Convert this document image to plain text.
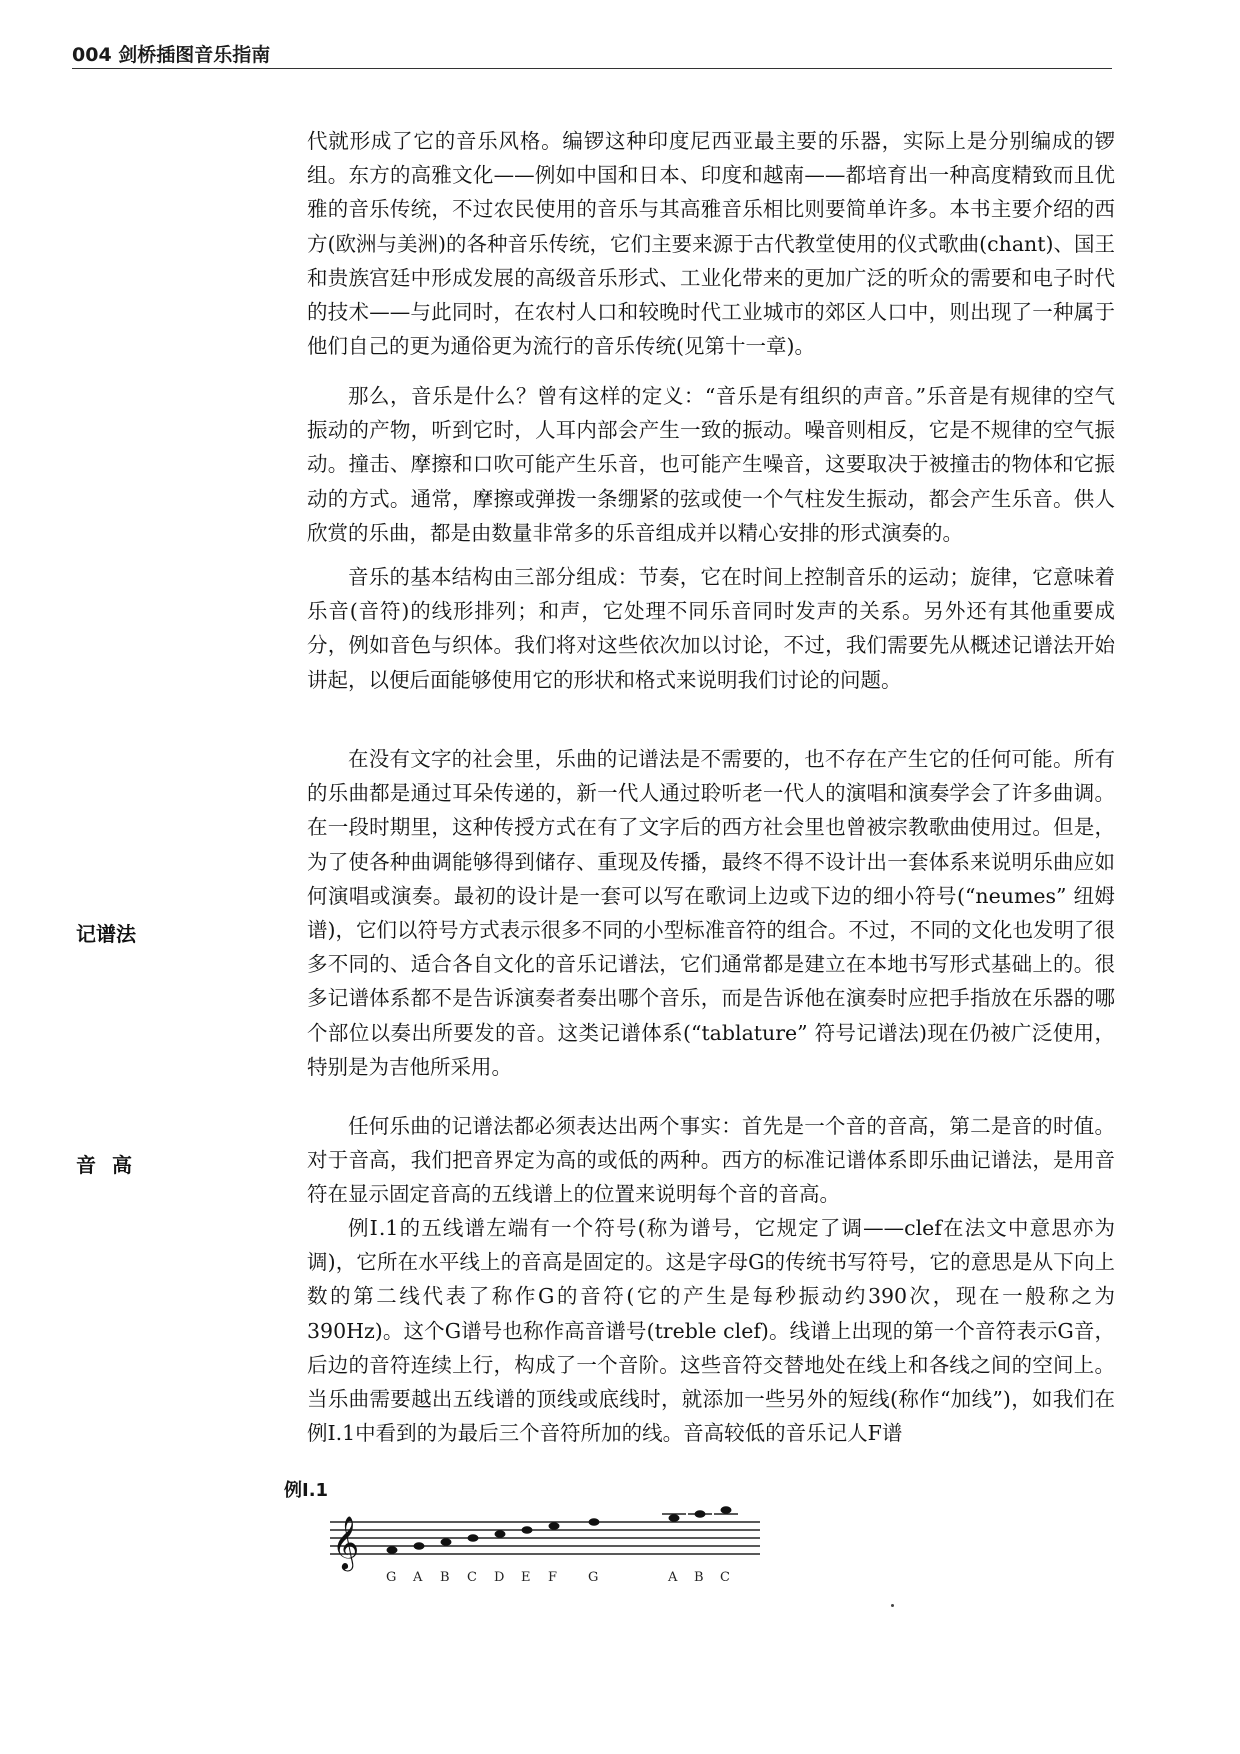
004 剑桥插图音乐指南

代就形成了它的音乐风格。编锣这种印度尼西亚最主要的乐器，实际上是分别编成的锣组。东方的高雅文化——例如中国和日本、印度和越南——都培育出一种高度精致而且优雅的音乐传统，不过农民使用的音乐与其高雅音乐相比则要简单许多。本书主要介绍的西方(欧洲与美洲)的各种音乐传统，它们主要来源于古代教堂使用的仪式歌曲(chant)、国王和贵族宫廷中形成发展的高级音乐形式、工业化带来的更加广泛的听众的需要和电子时代的技术——与此同时，在农村人口和较晚时代工业城市的郊区人口中，则出现了一种属于他们自己的更为通俗更为流行的音乐传统(见第十一章)。

那么，音乐是什么？曾有这样的定义：“音乐是有组织的声音。”乐音是有规律的空气振动的产物，听到它时，人耳内部会产生一致的振动。噪音则相反，它是不规律的空气振动。撞击、摩擦和口吹可能产生乐音，也可能产生噪音，这要取决于被撞击的物体和它振动的方式。通常，摩擦或弹拨一条绷紧的弦或使一个气柱发生振动，都会产生乐音。供人欣赏的乐曲，都是由数量非常多的乐音组成并以精心安排的形式演奏的。

音乐的基本结构由三部分组成：节奏，它在时间上控制音乐的运动；旋律，它意味着乐音(音符)的线形排列；和声，它处理不同乐音同时发声的关系。另外还有其他重要成分，例如音色与织体。我们将对这些依次加以讨论，不过，我们需要先从概述记谱法开始讲起，以便后面能够使用它的形状和格式来说明我们讨论的问题。

在没有文字的社会里，乐曲的记谱法是不需要的，也不存在产生它的任何可能。所有的乐曲都是通过耳朵传递的，新一代人通过聆听老一代人的演唱和演奏学会了许多曲调。在一段时期里，这种传授方式在有了文字后的西方社会里也曾被宗教歌曲使用过。但是，为了使各种曲调能够得到储存、重现及传播，最终不得不设计出一套体系来说明乐曲应如何演唱或演奏。最初的设计是一套可以写在歌词上边或下边的细小符号(“neumes” 纽姆谱)，它们以符号方式表示很多不同的小型标准音符的组合。不过，不同的文化也发明了很多不同的、适合各自文化的音乐记谱法，它们通常都是建立在本地书写形式基础上的。很多记谱体系都不是告诉演奏者奏出哪个音乐，而是告诉他在演奏时应把手指放在乐器的哪个部位以奏出所要发的音。这类记谱体系(“tablature” 符号记谱法)现在仍被广泛使用，特别是为吉他所采用。

任何乐曲的记谱法都必须表达出两个事实：首先是一个音的音高，第二是音的时值。对于音高，我们把音界定为高的或低的两种。西方的标准记谱体系即乐曲记谱法，是用音符在显示固定音高的五线谱上的位置来说明每个音的音高。

例Ⅰ.1的五线谱左端有一个符号(称为谱号，它规定了调——clef在法文中意思亦为调)，它所在水平线上的音高是固定的。这是字母G的传统书写符号，它的意思是从下向上数的第二线代表了称作G的音符(它的产生是每秒振动约390次，现在一般称之为390Hz)。这个G谱号也称作高音谱号(treble clef)。线谱上出现的第一个音符表示G音，后边的音符连续上行，构成了一个音阶。这些音符交替地处在线上和各线之间的空间上。当乐曲需要越出五线谱的顶线或底线时，就添加一些另外的短线(称作“加线”)，如我们在例Ⅰ.1中看到的为最后三个音符所加的线。音高较低的音乐记人F谱

记谱法
音高
例Ⅰ.1
𝄞
G A B C D E F G	A B C
